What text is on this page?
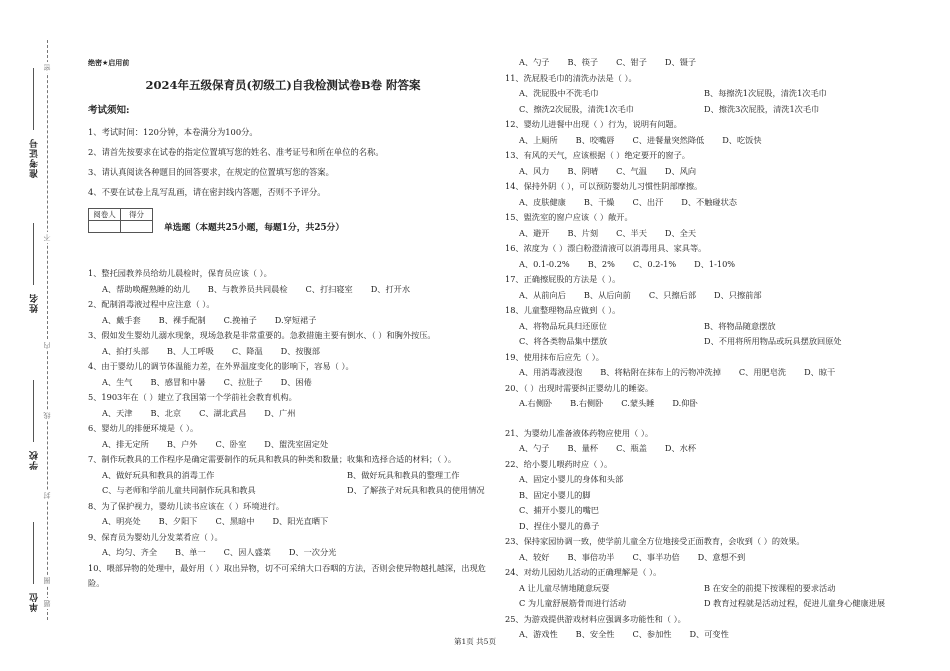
准考证号
姓名
学校
单位
密
不
内
线
封
圈
题
绝密★启用前
2024年五级保育员(初级工)自我检测试卷B卷 附答案
考试须知:
1、考试时间：120分钟，本卷满分为100分。
2、请首先按要求在试卷的指定位置填写您的姓名、准考证号和所在单位的名称。
3、请认真阅读各种题目的回答要求，在规定的位置填写您的答案。
4、不要在试卷上乱写乱画，请在密封线内答题，否则不予评分。
阅卷人	得分

单选题（本题共25小题，每题1分，共25分）
1、整托园教养员给幼儿晨检时，保育员应该（ ）。
A、帮助唤醒熟睡的幼儿 B、与教养员共同晨检 C、打扫寝室 D、打开水
2、配制消毒液过程中应注意（ ）。
A、戴手套 B、裸手配制 C.挽袖子 D.穿短裙子
3、假如发生婴幼儿溺水现象，现场急救是非常重要的。急救措施主要有倒水、（ ）和胸外按压。
A、拍打头部 B、人工呼吸 C、降温 D、按腹部
4、由于婴幼儿的调节体温能力差，在外界温度变化的影响下，容易（ ）。
A、生气 B、感冒和中暑 C、拉肚子 D、困倦
5、1903年在（ ）建立了我国第一个学前社会教育机构。
A、天津 B、北京 C、湖北武昌 D、广州
6、婴幼儿的排便环境是（ ）。
A、排无定所 B、户外 C、卧室 D、盥洗室固定处
7、制作玩教具的工作程序是确定需要制作的玩具和教具的种类和数量；收集和选择合适的材料；（ ）。
A、做好玩具和教具的消毒工作	B、做好玩具和教具的整理工作
C、与老师和学前儿童共同制作玩具和教具	D、了解孩子对玩具和教具的使用情况
8、为了保护视力，婴幼儿读书应该在（ ）环境进行。
A、明亮处 B、夕阳下 C、黑暗中 D、阳光直晒下
9、保育员为婴幼儿分发菜肴应（ ）。
A、均匀、齐全 B、单一 C、因人盛菜 D、一次分光
10、喂部异物的处理中，最好用（ ）取出异物，切不可采纳大口吞咽的方法，否则会使异物越扎越深，出现危险。
A、勺子 B、筷子 C、钳子 D、镊子
11、洗屁股毛巾的清洗办法是（ ）。
A、洗屁股中不洗毛巾	B、每擦洗1次屁股，清洗1次毛巾
C、擦洗2次屁股，清洗1次毛巾	D、擦洗3次屁股，清洗1次毛巾
12、婴幼儿进餐中出现（ ）行为，说明有问题。
A、上厕所 B、咬嘴唇 C、进餐量突然降低 D、吃饭快
13、有风的天气，应该根据（ ）绝定要开的窗子。
A、风力 B、阴晴 C、气温 D、风向
14、保持外阴（ ），可以预防婴幼儿习惯性阴部摩擦。
A、皮肤健康 B、干燥 C、出汗 D、不触碰状态
15、盥洗室的窗户应该（ ）敞开。
A、避开 B、片刻 C、半天 D、全天
16、浓度为（ ）漂白粉澄清液可以消毒用具、家具等。
A、0.1-0.2% B、2% C、0.2-1% D、1-10%
17、正确擦屁股的方法是（ ）。
A、从前向后 B、从后向前 C、只擦后部 D、只擦前部
18、儿童整理物品应做到（ ）。
A、将物品玩具归还原位	B、将物品随意摆放
C、将各类物品集中摆放	D、不用将所用物品或玩具摆放回原处
19、使用抹布后应先（ ）。
A、用消毒液浸泡 B、将粘附在抹布上的污物冲洗掉 C、用肥皂洗 D、晾干
20、（ ）出现时需要纠正婴幼儿的睡姿。
A.右侧卧 B.右侧卧 C.蒙头睡 D.仰卧
21、为婴幼儿准备液体药物应使用（ ）。
A、勺子 B、量杯 C、瓶盖 D、水杯
22、给小婴儿喂药时应（ ）。
A、固定小婴儿的身体和头部
B、固定小婴儿的脚
C、捕开小婴儿的嘴巴
D、捏住小婴儿的鼻子
23、保持家园协调一致，使学前儿童全方位地接受正面教育，会收到（ ）的效果。
A、较好 B、事倍功半 C、事半功倍 D、意想不到
24、对幼儿园幼儿活动的正确理解是（ ）。
A 让儿童尽情地随意玩耍	B 在安全的前提下按课程的要求活动
C 为儿童舒展筋骨而进行活动	D 教育过程就是活动过程，促进儿童身心健康进展
25、为游戏提供游戏材料应强调多功能性和（ ）。
A、游戏性 B、安全性 C、参加性 D、可变性
第1页 共5页
